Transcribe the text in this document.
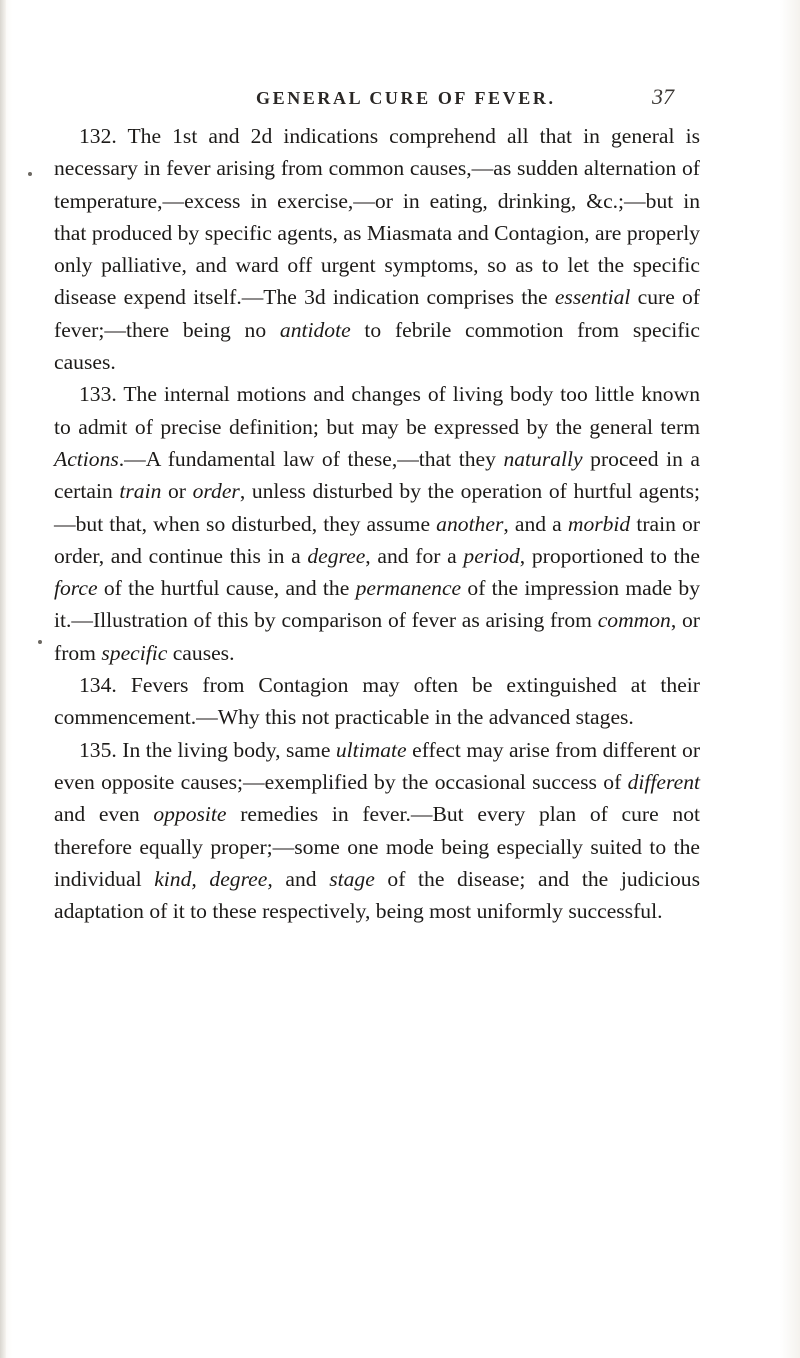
GENERAL CURE OF FEVER.	37

132. The 1st and 2d indications comprehend all that in general is necessary in fever arising from common causes,—as sudden alternation of temperature,—excess in exercise,—or in eating, drinking, &c.;—but in that produced by specific agents, as Miasmata and Contagion, are properly only palliative, and ward off urgent symptoms, so as to let the specific disease expend itself.—The 3d indication comprises the essential cure of fever;—there being no antidote to febrile commotion from specific causes.

133. The internal motions and changes of living body too little known to admit of precise definition; but may be expressed by the general term Actions.—A fundamental law of these,—that they naturally proceed in a certain train or order, unless disturbed by the operation of hurtful agents;—but that, when so disturbed, they assume another, and a morbid train or order, and continue this in a degree, and for a period, proportioned to the force of the hurtful cause, and the permanence of the impression made by it.—Illustration of this by comparison of fever as arising from common, or from specific causes.

134. Fevers from Contagion may often be extinguished at their commencement.—Why this not practicable in the advanced stages.

135. In the living body, same ultimate effect may arise from different or even opposite causes;—exemplified by the occasional success of different and even opposite remedies in fever.—But every plan of cure not therefore equally proper;—some one mode being especially suited to the individual kind, degree, and stage of the disease; and the judicious adaptation of it to these respectively, being most uniformly successful.
